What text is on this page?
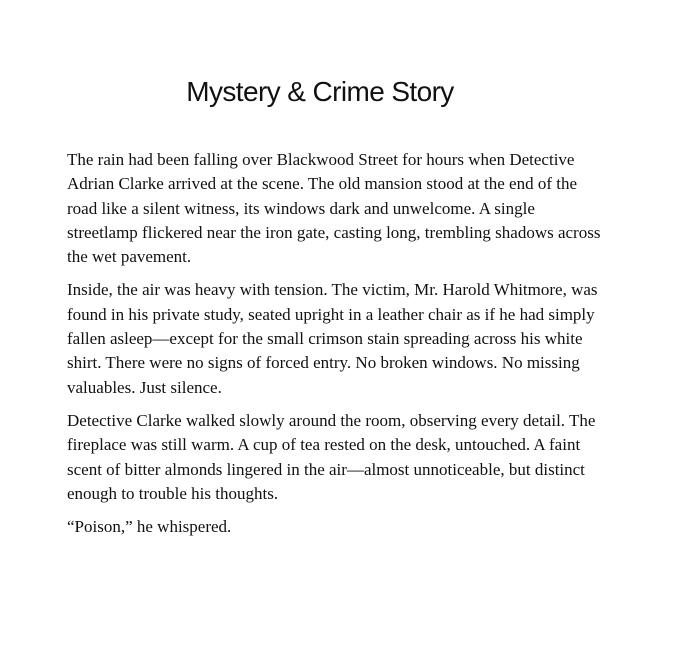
Mystery & Crime Story

The rain had been falling over Blackwood Street for hours when Detective Adrian Clarke arrived at the scene. The old mansion stood at the end of the road like a silent witness, its windows dark and unwelcome. A single streetlamp flickered near the iron gate, casting long, trembling shadows across the wet pavement.

Inside, the air was heavy with tension. The victim, Mr. Harold Whitmore, was found in his private study, seated upright in a leather chair as if he had simply fallen asleep—except for the small crimson stain spreading across his white shirt. There were no signs of forced entry. No broken windows. No missing valuables. Just silence.

Detective Clarke walked slowly around the room, observing every detail. The fireplace was still warm. A cup of tea rested on the desk, untouched. A faint scent of bitter almonds lingered in the air—almost unnoticeable, but distinct enough to trouble his thoughts.

“Poison,” he whispered.
